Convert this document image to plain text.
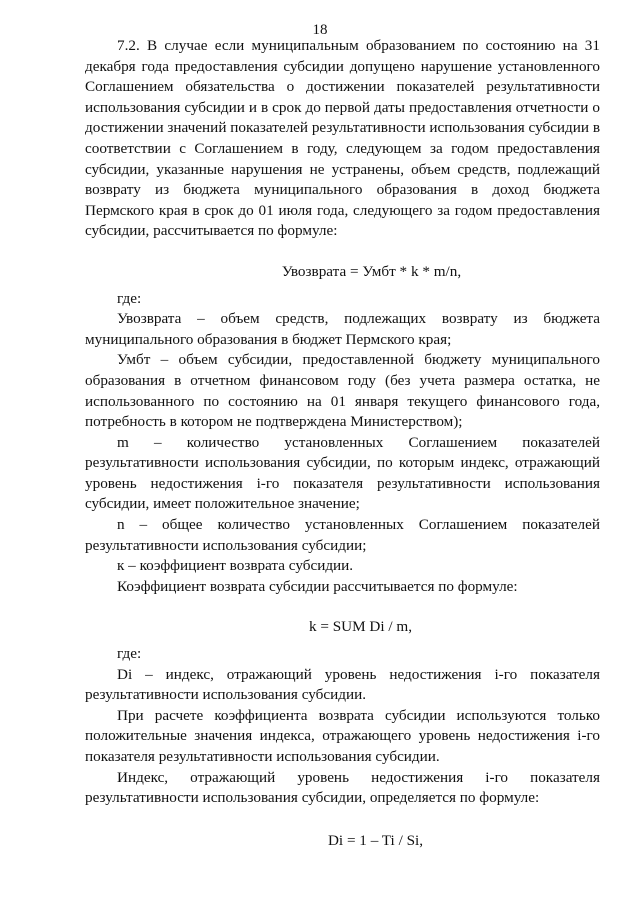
18

7.2. В случае если муниципальным образованием по состоянию на 31 декабря года предоставления субсидии допущено нарушение установленного Соглашением обязательства о достижении показателей результативности использования субсидии и в срок до первой даты предоставления отчетности о достижении значений показателей результативности использования субсидии в соответствии с Соглашением в году, следующем за годом предоставления субсидии, указанные нарушения не устранены, объем средств, подлежащий возврату из бюджета муниципального образования в доход бюджета Пермского края в срок до 01 июля года, следующего за годом предоставления субсидии, рассчитывается по формуле:

Увозврата = Умбт * k * m/n,

где:

Увозврата – объем средств, подлежащих возврату из бюджета муниципального образования в бюджет Пермского края;

Умбт – объем субсидии, предоставленной бюджету муниципального образования в отчетном финансовом году (без учета размера остатка, не использованного по состоянию на 01 января текущего финансового года, потребность в котором не подтверждена Министерством);

m – количество установленных Соглашением показателей результативности использования субсидии, по которым индекс, отражающий уровень недостижения i-го показателя результативности использования субсидии, имеет положительное значение;

n – общее количество установленных Соглашением показателей результативности использования субсидии;

к – коэффициент возврата субсидии.

Коэффициент возврата субсидии рассчитывается по формуле:

k = SUM Di / m,

где:

Di – индекс, отражающий уровень недостижения i-го показателя результативности использования субсидии.

При расчете коэффициента возврата субсидии используются только положительные значения индекса, отражающего уровень недостижения i-го показателя результативности использования субсидии.

Индекс, отражающий уровень недостижения i-го показателя результативности использования субсидии, определяется по формуле:

Di = 1 – Ti / Si,
